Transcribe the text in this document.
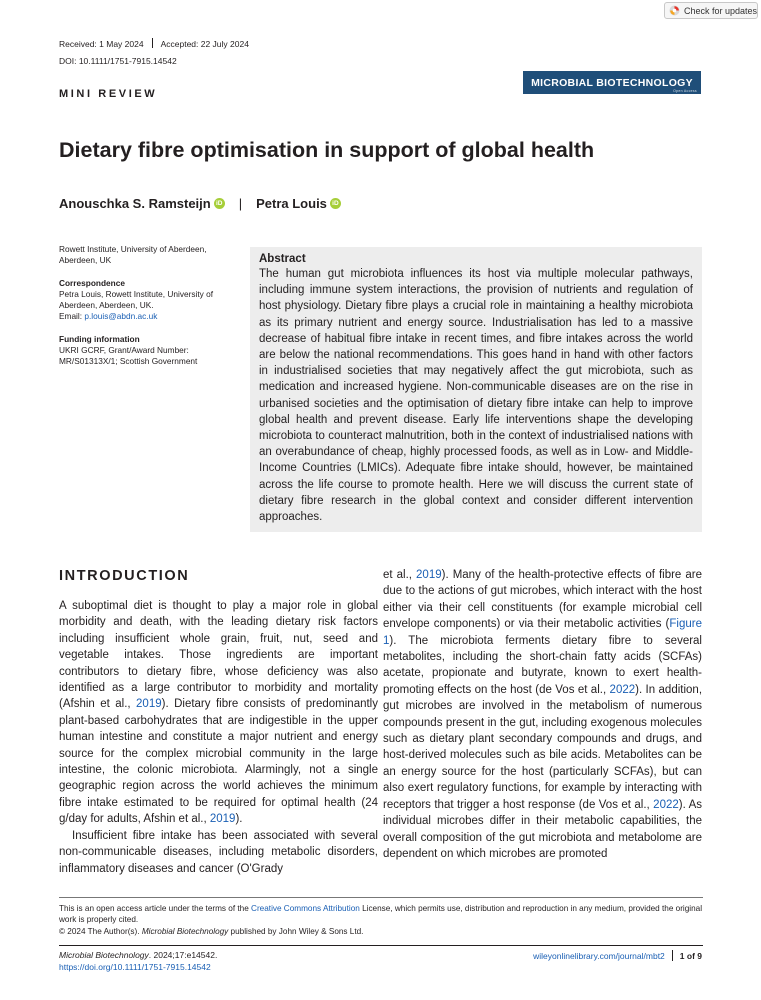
Check for updates
Received: 1 May 2024 Accepted: 22 July 2024
DOI: 10.1111/1751-7915.14542
MINI REVIEW
MICROBIAL BIOTECHNOLOGY
Open Access
Dietary fibre optimisation in support of global health
Anouschka S. Ramsteijn iD | Petra Louis iD
Rowett Institute, University of Aberdeen, Aberdeen, UK
Correspondence
Petra Louis, Rowett Institute, University of Aberdeen, Aberdeen, UK.
Email: p.louis@abdn.ac.uk
Funding information
UKRI GCRF, Grant/Award Number: MR/S01313X/1; Scottish Government
Abstract
The human gut microbiota influences its host via multiple molecular pathways, including immune system interactions, the provision of nutrients and regulation of host physiology. Dietary fibre plays a crucial role in maintaining a healthy microbiota as its primary nutrient and energy source. Industrialisation has led to a massive decrease of habitual fibre intake in recent times, and fibre intakes across the world are below the national recommendations. This goes hand in hand with other factors in industrialised societies that may negatively affect the gut microbiota, such as medication and increased hygiene. Non-communicable diseases are on the rise in urbanised societies and the optimisation of dietary fibre intake can help to improve global health and prevent disease. Early life interventions shape the developing microbiota to counteract malnutrition, both in the context of industrialised nations with an overabundance of cheap, highly processed foods, as well as in Low- and Middle-Income Countries (LMICs). Adequate fibre intake should, however, be maintained across the life course to promote health. Here we will discuss the current state of dietary fibre research in the global context and consider different intervention approaches.
INTRODUCTION

A suboptimal diet is thought to play a major role in global morbidity and death, with the leading dietary risk factors including insufficient whole grain, fruit, nut, seed and vegetable intakes. Those ingredients are important contributors to dietary fibre, whose deficiency was also identified as a large contributor to morbidity and mortality (Afshin et al., 2019). Dietary fibre consists of predominantly plant-based carbohydrates that are indigestible in the upper human intestine and constitute a major nutrient and energy source for the complex microbial community in the large intestine, the colonic microbiota. Alarmingly, not a single geographic region across the world achieves the minimum fibre intake estimated to be required for optimal health (24 g/day for adults, Afshin et al., 2019).

Insufficient fibre intake has been associated with several non-communicable diseases, including metabolic disorders, inflammatory diseases and cancer (O'Grady

et al., 2019). Many of the health-protective effects of fibre are due to the actions of gut microbes, which interact with the host either via their cell constituents (for example microbial cell envelope components) or via their metabolic activities (Figure 1). The microbiota ferments dietary fibre to several metabolites, including the short-chain fatty acids (SCFAs) acetate, propionate and butyrate, known to exert health-promoting effects on the host (de Vos et al., 2022). In addition, gut microbes are involved in the metabolism of numerous compounds present in the gut, including exogenous molecules such as dietary plant secondary compounds and drugs, and host-derived molecules such as bile acids. Metabolites can be an energy source for the host (particularly SCFAs), but can also exert regulatory functions, for example by interacting with receptors that trigger a host response (de Vos et al., 2022). As individual microbes differ in their metabolic capabilities, the overall composition of the gut microbiota and metabolome are dependent on which microbes are promoted

This is an open access article under the terms of the Creative Commons Attribution License, which permits use, distribution and reproduction in any medium, provided the original work is properly cited.
© 2024 The Author(s). Microbial Biotechnology published by John Wiley & Sons Ltd.
Microbial Biotechnology. 2024;17:e14542.
https://doi.org/10.1111/1751-7915.14542
wileyonlinelibrary.com/journal/mbt2 1 of 9
